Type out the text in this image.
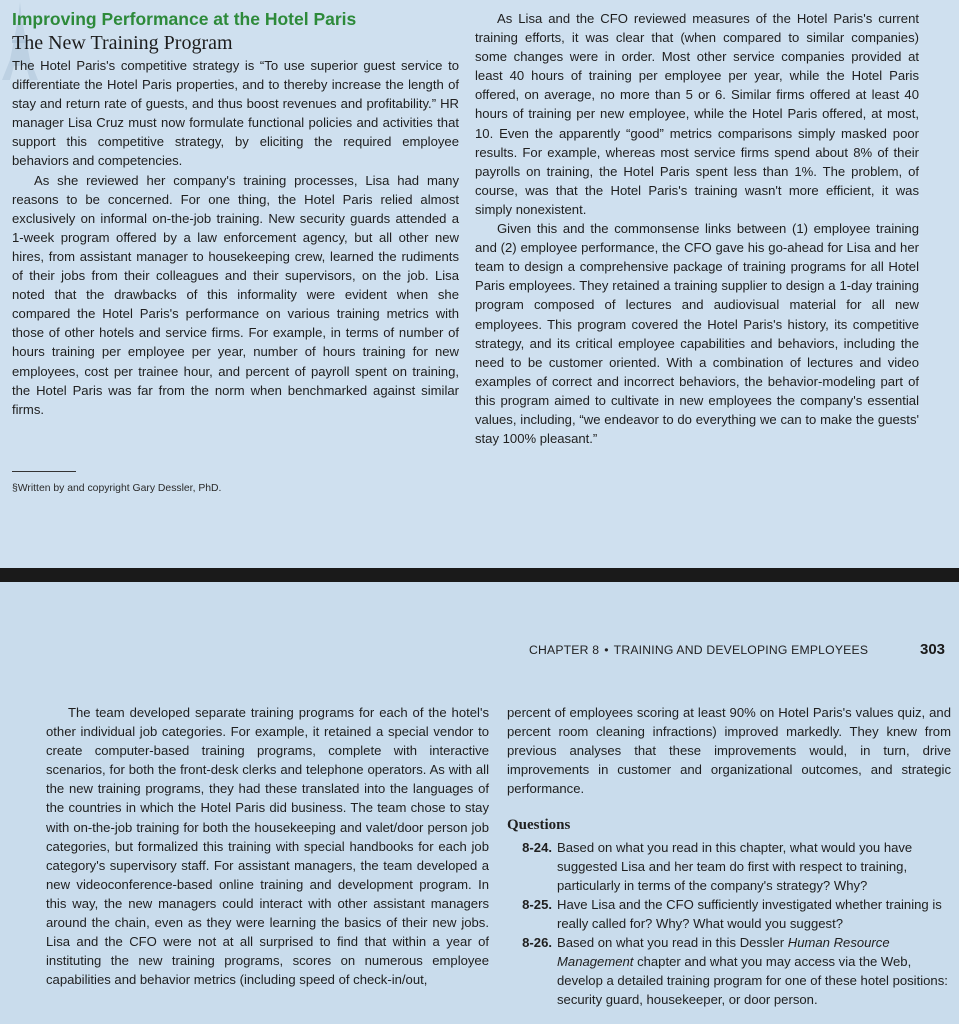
Improving Performance at the Hotel Paris
The New Training Program

The Hotel Paris's competitive strategy is “To use superior guest service to differentiate the Hotel Paris properties, and to thereby increase the length of stay and return rate of guests, and thus boost revenues and profitability.” HR manager Lisa Cruz must now formulate functional policies and activities that support this competitive strategy, by eliciting the required employee behaviors and competencies.

As she reviewed her company's training processes, Lisa had many reasons to be concerned. For one thing, the Hotel Paris relied almost exclusively on informal on-the-job training. New security guards attended a 1-week program offered by a law enforcement agency, but all other new hires, from assistant manager to housekeeping crew, learned the rudiments of their jobs from their colleagues and their supervisors, on the job. Lisa noted that the drawbacks of this informality were evident when she compared the Hotel Paris's performance on various training metrics with those of other hotels and service firms. For example, in terms of number of hours training per employee per year, number of hours training for new employees, cost per trainee hour, and percent of payroll spent on training, the Hotel Paris was far from the norm when benchmarked against similar firms.

As Lisa and the CFO reviewed measures of the Hotel Paris's current training efforts, it was clear that (when compared to similar companies) some changes were in order. Most other service companies provided at least 40 hours of training per employee per year, while the Hotel Paris offered, on average, no more than 5 or 6. Similar firms offered at least 40 hours of training per new employee, while the Hotel Paris offered, at most, 10. Even the apparently “good” metrics comparisons simply masked poor results. For example, whereas most service firms spend about 8% of their payrolls on training, the Hotel Paris spent less than 1%. The problem, of course, was that the Hotel Paris's training wasn't more efficient, it was simply nonexistent.

Given this and the commonsense links between (1) employee training and (2) employee performance, the CFO gave his go-ahead for Lisa and her team to design a comprehensive package of training programs for all Hotel Paris employees. They retained a training supplier to design a 1-day training program composed of lectures and audiovisual material for all new employees. This program covered the Hotel Paris's history, its competitive strategy, and its critical employee capabilities and behaviors, including the need to be customer oriented. With a combination of lectures and video examples of correct and incorrect behaviors, the behavior-modeling part of this program aimed to cultivate in new employees the company's essential values, including, “we endeavor to do everything we can to make the guests' stay 100% pleasant.”

§Written by and copyright Gary Dessler, PhD.
CHAPTER 8 • TRAINING AND DEVELOPING EMPLOYEES	303

The team developed separate training programs for each of the hotel's other individual job categories. For example, it retained a special vendor to create computer-based training programs, complete with interactive scenarios, for both the front-desk clerks and telephone operators. As with all the new training programs, they had these translated into the languages of the countries in which the Hotel Paris did business. The team chose to stay with on-the-job training for both the housekeeping and valet/door person job categories, but formalized this training with special handbooks for each job category's supervisory staff. For assistant managers, the team developed a new videoconference-based online training and development program. In this way, the new managers could interact with other assistant managers around the chain, even as they were learning the basics of their new jobs. Lisa and the CFO were not at all surprised to find that within a year of instituting the new training programs, scores on numerous employee capabilities and behavior metrics (including speed of check-in/out,

percent of employees scoring at least 90% on Hotel Paris's values quiz, and percent room cleaning infractions) improved markedly. They knew from previous analyses that these improvements would, in turn, drive improvements in customer and organizational outcomes, and strategic performance.

Questions
8-24. Based on what you read in this chapter, what would you have suggested Lisa and her team do first with respect to training, particularly in terms of the company's strategy? Why?
8-25. Have Lisa and the CFO sufficiently investigated whether training is really called for? Why? What would you suggest?
8-26. Based on what you read in this Dessler Human Resource Management chapter and what you may access via the Web, develop a detailed training program for one of these hotel positions: security guard, housekeeper, or door person.
